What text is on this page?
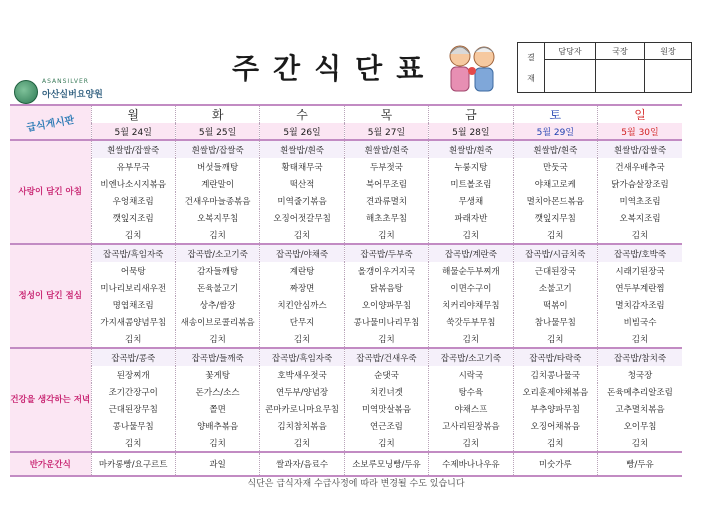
ASANSILVER
아산실버요양원
주간식단표	결
재	담당자	국장	원장

급식게시판	월	화	수	목	금	토	일
	5월 24일	5월 25일	5월 26일	5월 27일	5월 28일	5월 29일	5월 30일
사랑이 담긴 아침	흰쌀밥/잡쌀죽	흰쌀밥/잡쌀죽	흰쌀밥/흰죽	흰쌀밥/흰죽	흰쌀밥/흰죽	흰쌀밥/흰죽	흰쌀밥/잡쌀죽
	유부무국	버섯들깨탕	황태채무국	두부젓국	누룽지탕	만둣국	건새우배추국
	비엔나소시지볶음	계란말이	떡산적	북어무조림	미트볼조림	야채고로케	닭가슴살장조림
	우엉채조림	건새우마늘종볶음	미역줄기볶음	견과류멸치	무생채	멸치아몬드볶음	미역초조림
	깻잎지조림	오복지무침	오징어젓갈무침	해초초무침	파래자반	깻잎지무침	오복지조림
	김치	김치	김치	김치	김치	김치	김치
정성이 담긴 점심	잡곡밥/흑임자죽	잡곡밥/소고기죽	잡곡밥/야채죽	잡곡밥/두부죽	잡곡밥/계란죽	잡곡밥/시금치죽	잡곡밥/호박죽
	어묵탕	감자들깨탕	계란탕	올갱이우거지국	해물순두부찌개	근대된장국	시래기된장국
	미나리보리새우전	돈육불고기	짜장면	닭볶음탕	이면수구이	소불고기	연두부계란찜
	명엽채조림	상추/쌈장	치킨안심까스	오이양파무침	치커리야채무침	떡볶이	멸치감자조림
	가지새콤양념무침	새송이브로콜리볶음	단무지	콩나물미나리무침	쑥갓두부무침	참나물무침	비빔국수
	김치	김치	김치	김치	김치	김치	김치
건강을 생각하는 저녁	잡곡밥/콩죽	잡곡밥/들깨죽	잡곡밥/흑임자죽	잡곡밥/건새우죽	잡곡밥/소고기죽	잡곡밥/타락죽	잡곡밥/참치죽
	된장찌개	꽃게탕	호박새우젓국	순댓국	시락국	김치콩나물국	청국장
	조기간장구이	돈가스/소스	연두부/양념장	치킨너겟	탕수육	오리훈제야채볶음	돈육메추리알조림
	근대된장무침	쫄면	콘마카로니마요무침	미역맛살볶음	야채스프	부추양파무침	고추멸치볶음
	콩나물무침	양배추볶음	김치참치볶음	연근조림	고사리된장볶음	오징어채볶음	오이무침
	김치	김치	김치	김치	김치	김치	김치
반가운간식	마카롱빵/요구르트	과일	쌀과자/음료수	소보루모닝빵/두유	수제바나나우유	미숫가루	빵/두유
식단은 급식자재 수급사정에 따라 변경될 수도 있습니다
